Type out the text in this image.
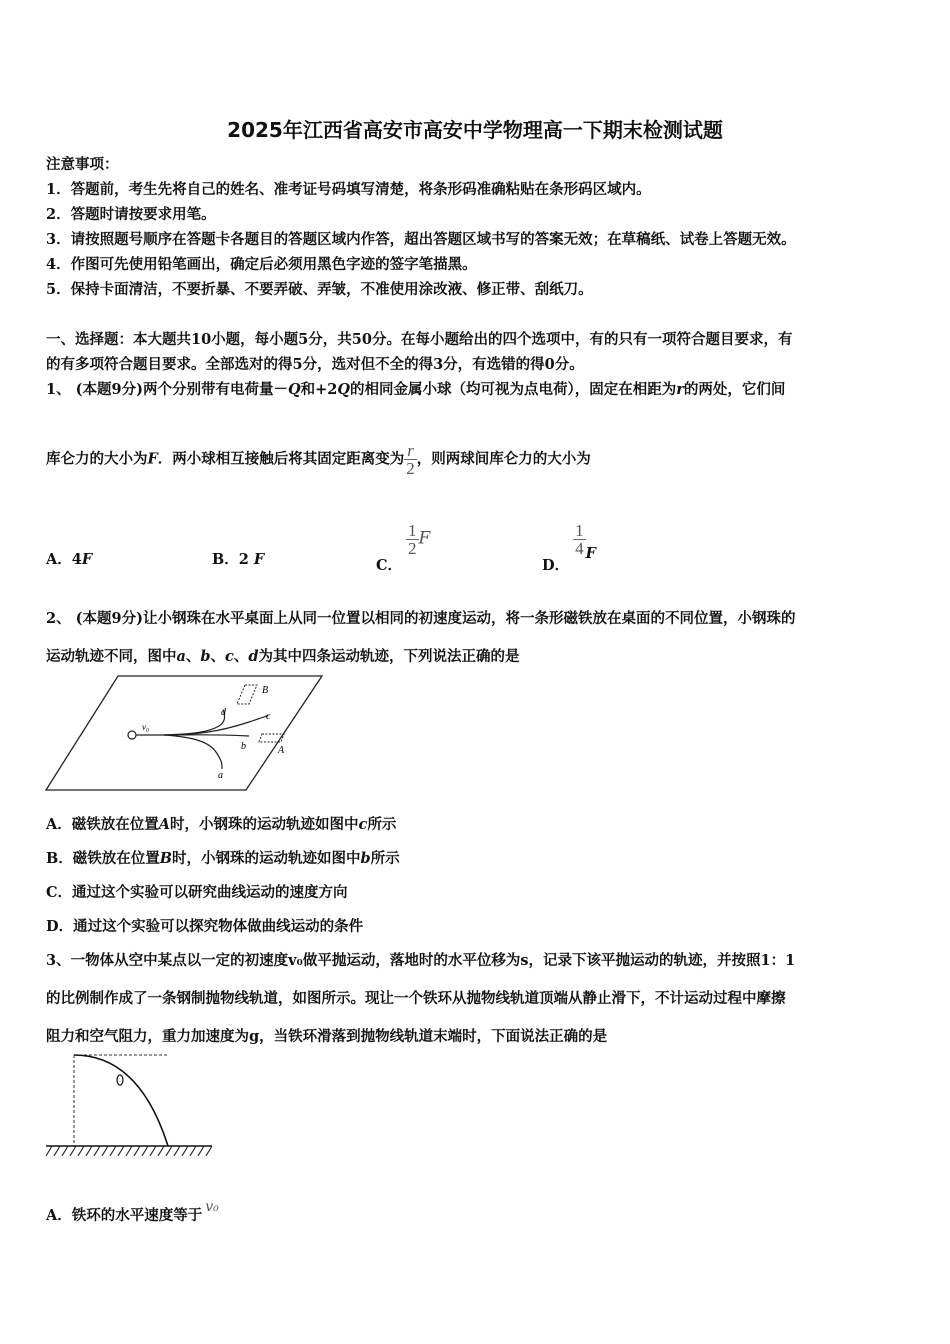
2025年江西省高安市高安中学物理高一下期末检测试题
注意事项：
1．答题前，考生先将自己的姓名、准考证号码填写清楚，将条形码准确粘贴在条形码区域内。
2．答题时请按要求用笔。
3．请按照题号顺序在答题卡各题目的答题区域内作答，超出答题区域书写的答案无效；在草稿纸、试卷上答题无效。
4．作图可先使用铅笔画出，确定后必须用黑色字迹的签字笔描黑。
5．保持卡面清洁，不要折暴、不要弄破、弄皱，不准使用涂改液、修正带、刮纸刀。
一、选择题：本大题共10小题，每小题5分，共50分。在每小题给出的四个选项中，有的只有一项符合题目要求，有
的有多项符合题目要求。全部选对的得5分，选对但不全的得3分，有选错的得0分。
1、 (本题9分)两个分别带有电荷量－Q和+2Q的相同金属小球（均可视为点电荷），固定在相距为r的两处，它们间
库仑力的大小为F．两小球相互接触后将其固定距离变为 $\frac{r}{2}$ ，则两球间库仑力的大小为
A．4F	B．2 F	C．
$\frac{1}{2}$ F
D．
$\frac{1}{4}$ F
2、 (本题9分)让小钢珠在水平桌面上从同一位置以相同的初速度运动，将一条形磁铁放在桌面的不同位置，小钢珠的
运动轨迹不同，图中a、b、c、d为其中四条运动轨迹，下列说法正确的是
v₀
a
b
c
d
A
B
A．磁铁放在位置A时，小钢珠的运动轨迹如图中c所示
B．磁铁放在位置B时，小钢珠的运动轨迹如图中b所示
C．通过这个实验可以研究曲线运动的速度方向
D．通过这个实验可以探究物体做曲线运动的条件
3、一物体从空中某点以一定的初速度v₀做平抛运动，落地时的水平位移为s，记录下该平抛运动的轨迹，并按照1：1
的比例制作成了一条钢制抛物线轨道，如图所示。现让一个铁环从抛物线轨道顶端从静止滑下，不计运动过程中摩擦
阻力和空气阻力，重力加速度为g，当铁环滑落到抛物线轨道末端时，下面说法正确的是
A．铁环的水平速度等于 v₀
